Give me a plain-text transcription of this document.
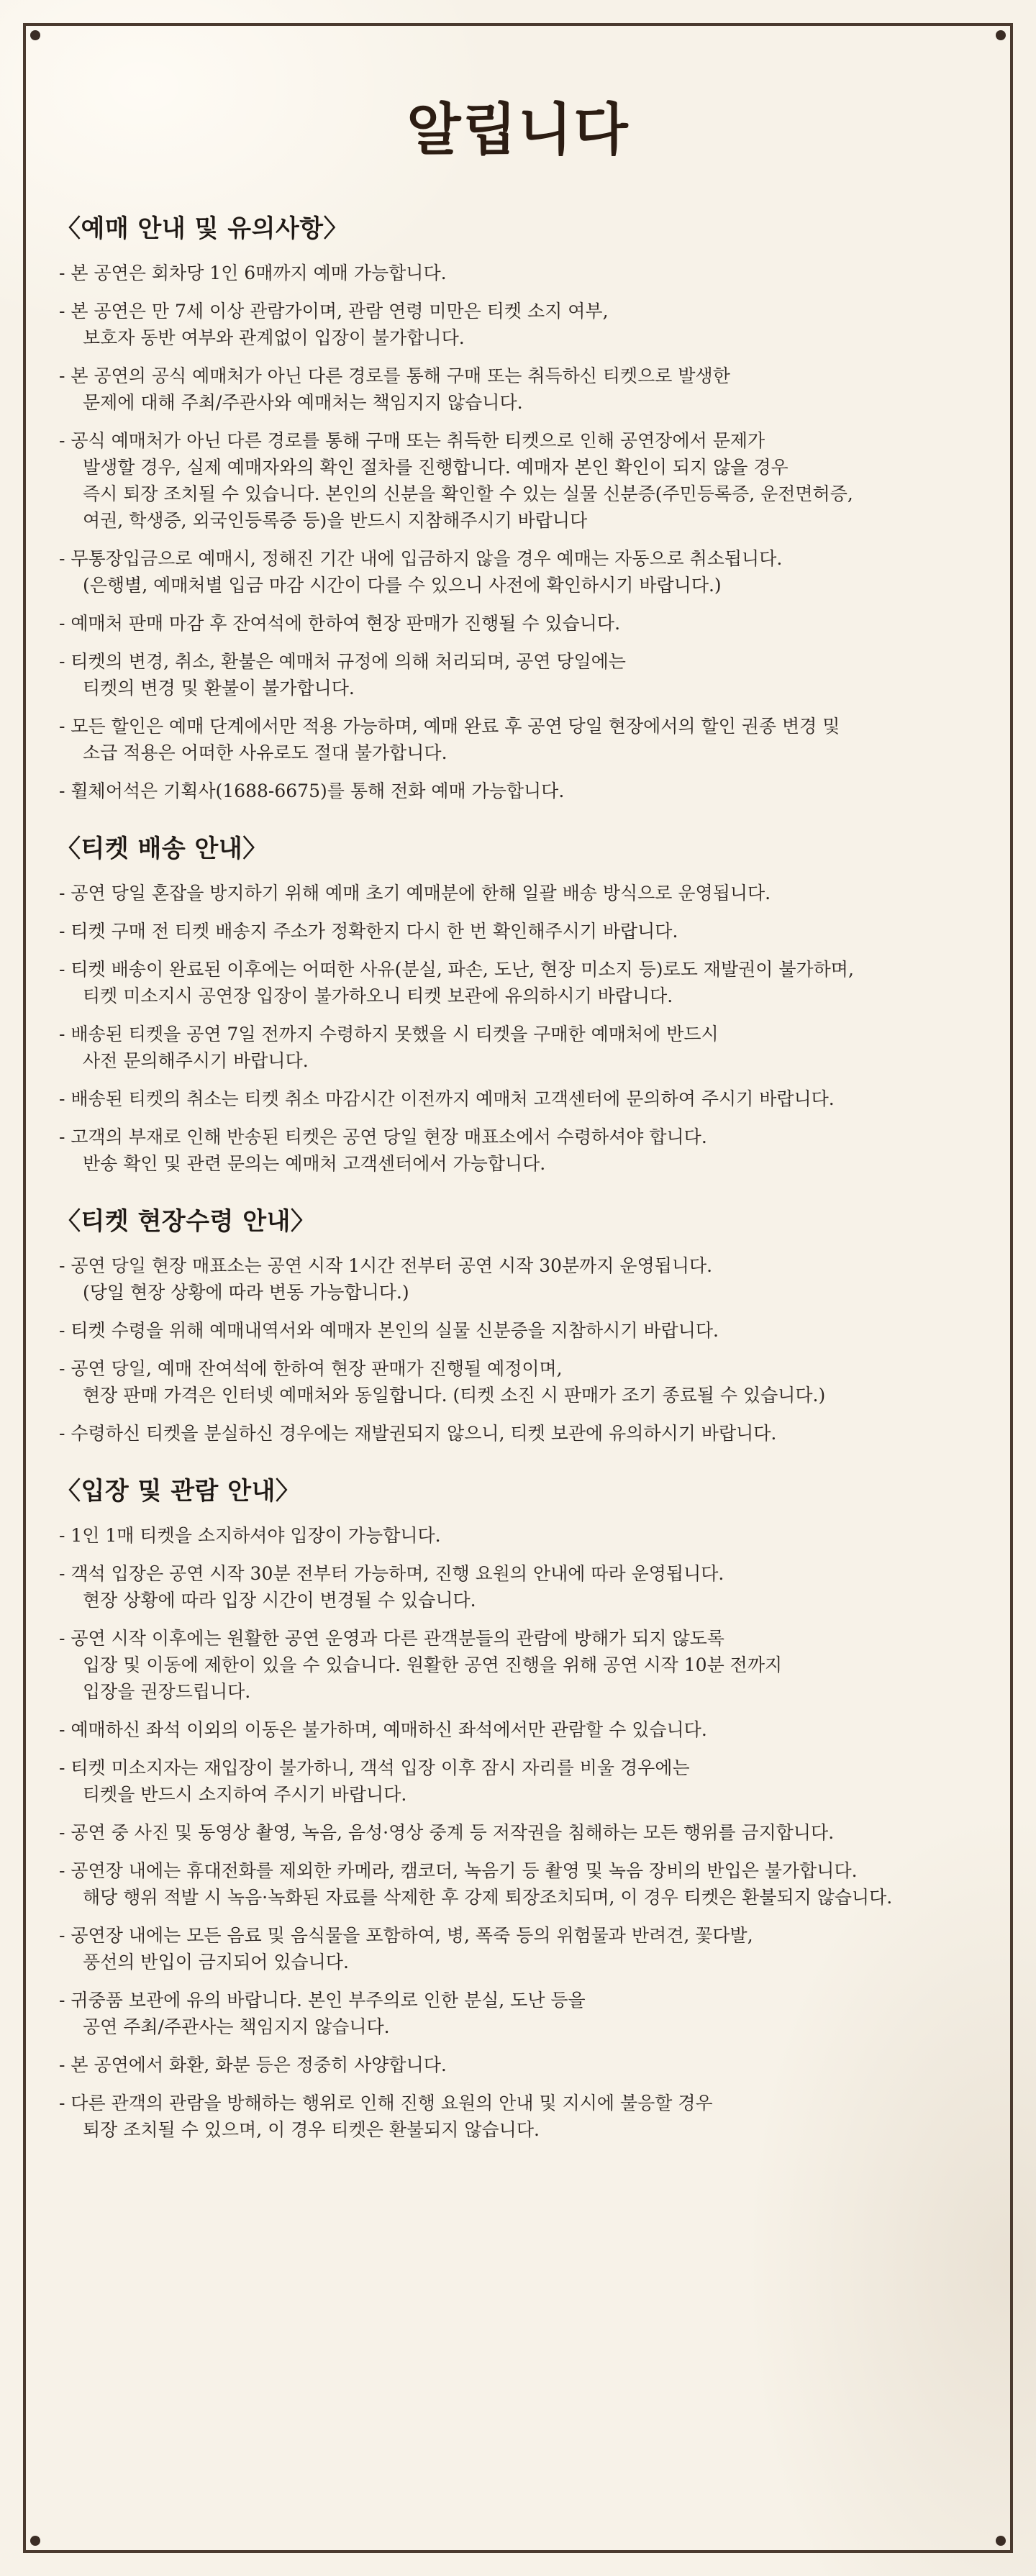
알립니다
〈예매 안내 및 유의사항〉
- 본 공연은 회차당 1인 6매까지 예매 가능합니다.
- 본 공연은 만 7세 이상 관람가이며, 관람 연령 미만은 티켓 소지 여부,
보호자 동반 여부와 관계없이 입장이 불가합니다.
- 본 공연의 공식 예매처가 아닌 다른 경로를 통해 구매 또는 취득하신 티켓으로 발생한
문제에 대해 주최/주관사와 예매처는 책임지지 않습니다.
- 공식 예매처가 아닌 다른 경로를 통해 구매 또는 취득한 티켓으로 인해 공연장에서 문제가
발생할 경우, 실제 예매자와의 확인 절차를 진행합니다. 예매자 본인 확인이 되지 않을 경우
즉시 퇴장 조치될 수 있습니다. 본인의 신분을 확인할 수 있는 실물 신분증(주민등록증, 운전면허증,
여권, 학생증, 외국인등록증 등)을 반드시 지참해주시기 바랍니다
- 무통장입금으로 예매시, 정해진 기간 내에 입금하지 않을 경우 예매는 자동으로 취소됩니다.
(은행별, 예매처별 입금 마감 시간이 다를 수 있으니 사전에 확인하시기 바랍니다.)
- 예매처 판매 마감 후 잔여석에 한하여 현장 판매가 진행될 수 있습니다.
- 티켓의 변경, 취소, 환불은 예매처 규정에 의해 처리되며, 공연 당일에는
티켓의 변경 및 환불이 불가합니다.
- 모든 할인은 예매 단계에서만 적용 가능하며, 예매 완료 후 공연 당일 현장에서의 할인 권종 변경 및
소급 적용은 어떠한 사유로도 절대 불가합니다.
- 휠체어석은 기획사(1688-6675)를 통해 전화 예매 가능합니다.
〈티켓 배송 안내〉
- 공연 당일 혼잡을 방지하기 위해 예매 초기 예매분에 한해 일괄 배송 방식으로 운영됩니다.
- 티켓 구매 전 티켓 배송지 주소가 정확한지 다시 한 번 확인해주시기 바랍니다.
- 티켓 배송이 완료된 이후에는 어떠한 사유(분실, 파손, 도난, 현장 미소지 등)로도 재발권이 불가하며,
티켓 미소지시 공연장 입장이 불가하오니 티켓 보관에 유의하시기 바랍니다.
- 배송된 티켓을 공연 7일 전까지 수령하지 못했을 시 티켓을 구매한 예매처에 반드시
사전 문의해주시기 바랍니다.
- 배송된 티켓의 취소는 티켓 취소 마감시간 이전까지 예매처 고객센터에 문의하여 주시기 바랍니다.
- 고객의 부재로 인해 반송된 티켓은 공연 당일 현장 매표소에서 수령하셔야 합니다.
반송 확인 및 관련 문의는 예매처 고객센터에서 가능합니다.
〈티켓 현장수령 안내〉
- 공연 당일 현장 매표소는 공연 시작 1시간 전부터 공연 시작 30분까지 운영됩니다.
(당일 현장 상황에 따라 변동 가능합니다.)
- 티켓 수령을 위해 예매내역서와 예매자 본인의 실물 신분증을 지참하시기 바랍니다.
- 공연 당일, 예매 잔여석에 한하여 현장 판매가 진행될 예정이며,
현장 판매 가격은 인터넷 예매처와 동일합니다. (티켓 소진 시 판매가 조기 종료될 수 있습니다.)
- 수령하신 티켓을 분실하신 경우에는 재발권되지 않으니, 티켓 보관에 유의하시기 바랍니다.
〈입장 및 관람 안내〉
- 1인 1매 티켓을 소지하셔야 입장이 가능합니다.
- 객석 입장은 공연 시작 30분 전부터 가능하며, 진행 요원의 안내에 따라 운영됩니다.
현장 상황에 따라 입장 시간이 변경될 수 있습니다.
- 공연 시작 이후에는 원활한 공연 운영과 다른 관객분들의 관람에 방해가 되지 않도록
입장 및 이동에 제한이 있을 수 있습니다. 원활한 공연 진행을 위해 공연 시작 10분 전까지
입장을 권장드립니다.
- 예매하신 좌석 이외의 이동은 불가하며, 예매하신 좌석에서만 관람할 수 있습니다.
- 티켓 미소지자는 재입장이 불가하니, 객석 입장 이후 잠시 자리를 비울 경우에는
티켓을 반드시 소지하여 주시기 바랍니다.
- 공연 중 사진 및 동영상 촬영, 녹음, 음성·영상 중계 등 저작권을 침해하는 모든 행위를 금지합니다.
- 공연장 내에는 휴대전화를 제외한 카메라, 캠코더, 녹음기 등 촬영 및 녹음 장비의 반입은 불가합니다.
해당 행위 적발 시 녹음·녹화된 자료를 삭제한 후 강제 퇴장조치되며, 이 경우 티켓은 환불되지 않습니다.
- 공연장 내에는 모든 음료 및 음식물을 포함하여, 병, 폭죽 등의 위험물과 반려견, 꽃다발,
풍선의 반입이 금지되어 있습니다.
- 귀중품 보관에 유의 바랍니다. 본인 부주의로 인한 분실, 도난 등을
공연 주최/주관사는 책임지지 않습니다.
- 본 공연에서 화환, 화분 등은 정중히 사양합니다.
- 다른 관객의 관람을 방해하는 행위로 인해 진행 요원의 안내 및 지시에 불응할 경우
퇴장 조치될 수 있으며, 이 경우 티켓은 환불되지 않습니다.
